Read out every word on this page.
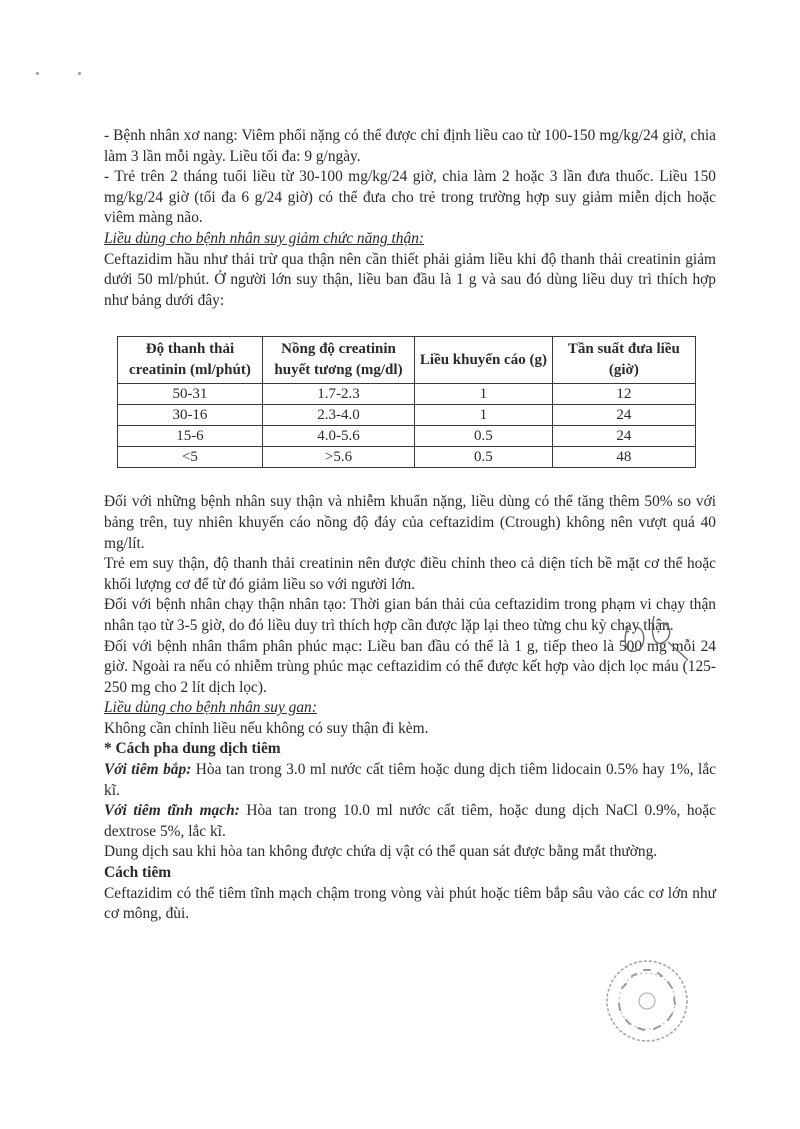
- Bệnh nhân xơ nang: Viêm phổi nặng có thể được chỉ định liều cao từ 100-150 mg/kg/24 giờ, chia làm 3 lần mỗi ngày. Liều tối đa: 9 g/ngày.

- Trẻ trên 2 tháng tuổi liều từ 30-100 mg/kg/24 giờ, chia làm 2 hoặc 3 lần đưa thuốc. Liều 150 mg/kg/24 giờ (tối đa 6 g/24 giờ) có thể đưa cho trẻ trong trường hợp suy giảm miễn dịch hoặc viêm màng não.

Liều dùng cho bệnh nhân suy giảm chức năng thận:

Ceftazidim hầu như thải trừ qua thận nên cần thiết phải giảm liều khi độ thanh thải creatinin giảm dưới 50 ml/phút. Ở người lớn suy thận, liều ban đầu là 1 g và sau đó dùng liều duy trì thích hợp như bảng dưới đây:

Độ thanh thải creatinin (ml/phút)	Nồng độ creatinin huyết tương (mg/dl)	Liều khuyến cáo (g)	Tần suất đưa liều (giờ)
50-31	1.7-2.3	1	12
30-16	2.3-4.0	1	24
15-6	4.0-5.6	0.5	24
<5	>5.6	0.5	48

Đối với những bệnh nhân suy thận và nhiễm khuẩn nặng, liều dùng có thể tăng thêm 50% so với bảng trên, tuy nhiên khuyến cáo nồng độ đáy của ceftazidim (Ctrough) không nên vượt quá 40 mg/lít.

Trẻ em suy thận, độ thanh thải creatinin nên được điều chỉnh theo cả diện tích bề mặt cơ thể hoặc khối lượng cơ để từ đó giảm liều so với người lớn.

Đối với bệnh nhân chạy thận nhân tạo: Thời gian bán thải của ceftazidim trong phạm vi chạy thận nhân tạo từ 3-5 giờ, do đó liều duy trì thích hợp cần được lặp lại theo từng chu kỳ chạy thận.

Đối với bệnh nhân thẩm phân phúc mạc: Liều ban đầu có thể là 1 g, tiếp theo là 500 mg mỗi 24 giờ. Ngoài ra nếu có nhiễm trùng phúc mạc ceftazidim có thể được kết hợp vào dịch lọc máu (125-250 mg cho 2 lít dịch lọc).

Liều dùng cho bệnh nhân suy gan:

Không cần chỉnh liều nếu không có suy thận đi kèm.

* Cách pha dung dịch tiêm

Với tiêm bắp: Hòa tan trong 3.0 ml nước cất tiêm hoặc dung dịch tiêm lidocain 0.5% hay 1%, lắc kĩ.

Với tiêm tĩnh mạch: Hòa tan trong 10.0 ml nước cất tiêm, hoặc dung dịch NaCl 0.9%, hoặc dextrose 5%, lắc kĩ.

Dung dịch sau khi hòa tan không được chứa dị vật có thể quan sát được bằng mắt thường.

Cách tiêm

Ceftazidim có thể tiêm tĩnh mạch chậm trong vòng vài phút hoặc tiêm bắp sâu vào các cơ lớn như cơ mông, đùi.
